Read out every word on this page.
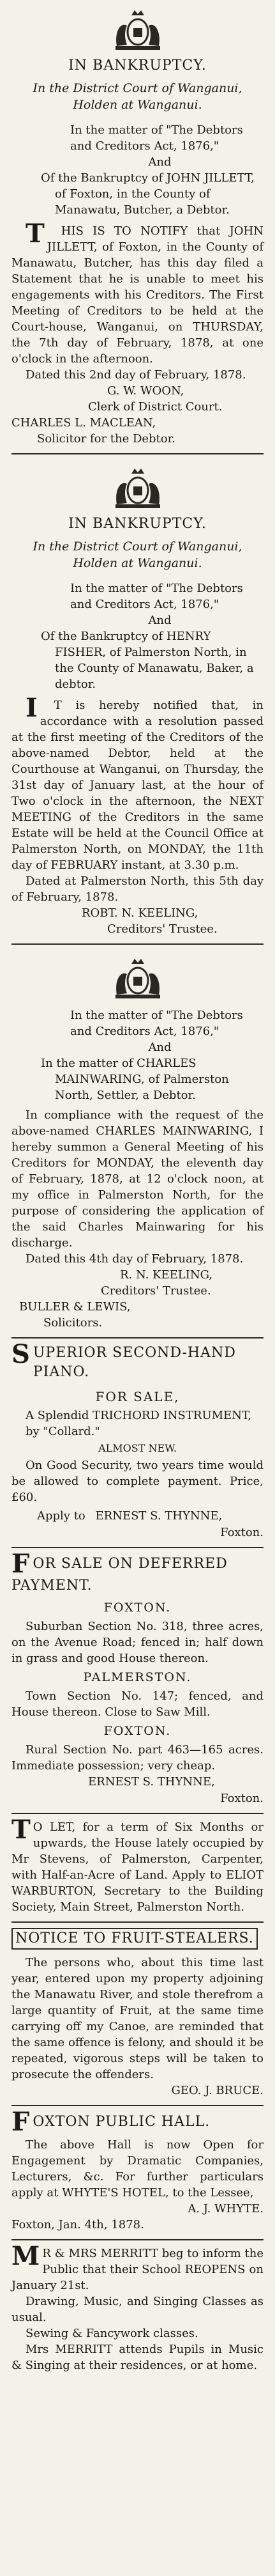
IN BANKRUPTCY.
In the District Court of Wanganui, Holden at Wanganui.
In the matter of "The Debtors and Creditors Act, 1876,"
And
Of the Bankruptcy of JOHN JILLETT, of Foxton, in the County of Manawatu, Butcher, a Debtor.

THIS IS TO NOTIFY that JOHN JILLETT, of Foxton, in the County of Manawatu, Butcher, has this day filed a Statement that he is unable to meet his engagements with his Creditors. The First Meeting of Creditors to be held at the Court-house, Wanganui, on THURSDAY, the 7th day of February, 1878, at one o'clock in the afternoon.

Dated this 2nd day of February, 1878.

G. W. WOON,
Clerk of District Court.
CHARLES L. MACLEAN,
Solicitor for the Debtor.
IN BANKRUPTCY.
In the District Court of Wanganui, Holden at Wanganui.
In the matter of "The Debtors and Creditors Act, 1876,"
And
Of the Bankruptcy of HENRY FISHER, of Palmerston North, in the County of Manawatu, Baker, a debtor.

IT is hereby notified that, in accordance with a resolution passed at the first meeting of the Creditors of the above-named Debtor, held at the Courthouse at Wanganui, on Thursday, the 31st day of January last, at the hour of Two o'clock in the afternoon, the NEXT MEETING of the Creditors in the same Estate will be held at the Council Office at Palmerston North, on MONDAY, the 11th day of FEBRUARY instant, at 3.30 p.m.

Dated at Palmerston North, this 5th day of February, 1878.

ROBT. N. KEELING,
Creditors' Trustee.
In the matter of "The Debtors and Creditors Act, 1876,"
And
In the matter of CHARLES MAINWARING, of Palmerston North, Settler, a Debtor.

In compliance with the request of the above-named CHARLES MAINWARING, I hereby summon a General Meeting of his Creditors for MONDAY, the eleventh day of February, 1878, at 12 o'clock noon, at my office in Palmerston North, for the purpose of considering the application of the said Charles Mainwaring for his discharge.

Dated this 4th day of February, 1878.

R. N. KEELING,
Creditors' Trustee.
BULLER & LEWIS,
Solicitors.
SUPERIOR SECOND-HAND PIANO.
FOR SALE,
A Splendid TRICHORD INSTRUMENT, by "Collard."
ALMOST NEW.

On Good Security, two years time would be allowed to complete payment. Price, £60.

Apply to ERNEST S. THYNNE,
Foxton.
FOR SALE ON DEFERRED PAYMENT.
FOXTON.

Suburban Section No. 318, three acres, on the Avenue Road; fenced in; half down in grass and good House thereon.

PALMERSTON.

Town Section No. 147; fenced, and House thereon. Close to Saw Mill.

FOXTON.

Rural Section No. part 463—165 acres. Immediate possession; very cheap.

ERNEST S. THYNNE,
Foxton.

TO LET, for a term of Six Months or upwards, the House lately occupied by Mr Stevens, of Palmerston, Carpenter, with Half-an-Acre of Land. Apply to ELIOT WARBURTON, Secretary to the Building Society, Main Street, Palmerston North.

NOTICE TO FRUIT-STEALERS.

The persons who, about this time last year, entered upon my property adjoining the Manawatu River, and stole therefrom a large quantity of Fruit, at the same time carrying off my Canoe, are reminded that the same offence is felony, and should it be repeated, vigorous steps will be taken to prosecute the offenders.

GEO. J. BRUCE.
FOXTON PUBLIC HALL.

The above Hall is now Open for Engagement by Dramatic Companies, Lecturers, &c. For further particulars apply at WHYTE'S HOTEL, to the Lessee,

A. J. WHYTE.
Foxton, Jan. 4th, 1878.

MR & MRS MERRITT beg to inform the Public that their School REOPENS on January 21st.

Drawing, Music, and Singing Classes as usual.

Sewing & Fancywork classes.

Mrs MERRITT attends Pupils in Music & Singing at their residences, or at home.
